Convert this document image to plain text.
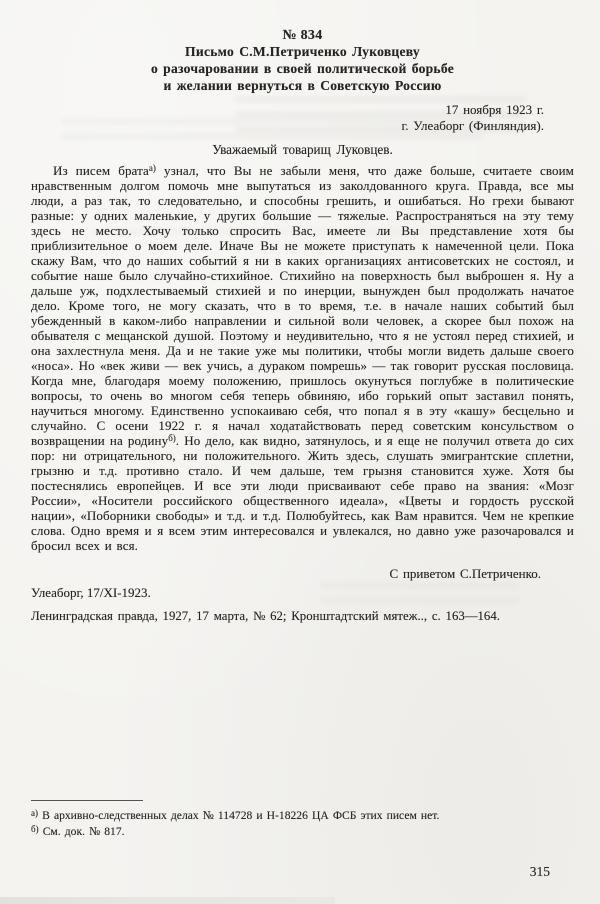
№ 834
Письмо С.М.Петриченко Луковцеву
о разочаровании в своей политической борьбе
и желании вернуться в Советскую Россию
17 ноября 1923 г.
г. Улеаборг (Финляндия).
Уважаемый товарищ Луковцев.

Из писем брата$^{а)}$ узнал, что Вы не забыли меня, что даже больше, считаете своим нравственным долгом помочь мне выпутаться из заколдованного круга. Правда, все мы люди, а раз так, то следовательно, и способны грешить, и ошибаться. Но грехи бывают разные: у одних маленькие, у других большие — тяжелые. Распространяться на эту тему здесь не место. Хочу только спросить Вас, имеете ли Вы представление хотя бы приблизительное о моем деле. Иначе Вы не можете приступать к намеченной цели. Пока скажу Вам, что до наших событий я ни в каких организациях антисоветских не состоял, и событие наше было случайно-стихийное. Стихийно на поверхность был выброшен я. Ну а дальше уж, подхлестываемый стихией и по инерции, вынужден был продолжать начатое дело. Кроме того, не могу сказать, что в то время, т.е. в начале наших событий был убежденный в каком-либо направлении и сильной воли человек, а скорее был похож на обывателя с мещанской душой. Поэтому и неудивительно, что я не устоял перед стихией, и она захлестнула меня. Да и не такие уже мы политики, чтобы могли видеть дальше своего «носа». Но «век живи — век учись, а дураком помрешь» — так говорит русская пословица. Когда мне, благодаря моему положению, пришлось окунуться поглубже в политические вопросы, то очень во многом себя теперь обвиняю, ибо горький опыт заставил понять, научиться многому. Единственно успокаиваю себя, что попал я в эту «кашу» бесцельно и случайно. С осени 1922 г. я начал ходатайствовать перед советским консульством о возвращении на родину$^{б)}$. Но дело, как видно, затянулось, и я еще не получил ответа до сих пор: ни отрицательного, ни положительного. Жить здесь, слушать эмигрантские сплетни, грызню и т.д. противно стало. И чем дальше, тем грызня становится хуже. Хотя бы постеснялись европейцев. И все эти люди присваивают себе право на звания: «Мозг России», «Носители российского общественного идеала», «Цветы и гордость русской нации», «Поборники свободы» и т.д. и т.д. Полюбуйтесь, как Вам нравится. Чем не крепкие слова. Одно время и я всем этим интересовался и увлекался, но давно уже разочаровался и бросил всех и вся.

С приветом С.Петриченко.
Улеаборг, 17/XI-1923.
Ленинградская правда, 1927, 17 марта, № 62; Кронштадтский мятеж.., с. 163—164.
$^{а)}$ В архивно-следственных делах № 114728 и Н-18226 ЦА ФСБ этих писем нет.
$^{б)}$ См. док. № 817.
315
